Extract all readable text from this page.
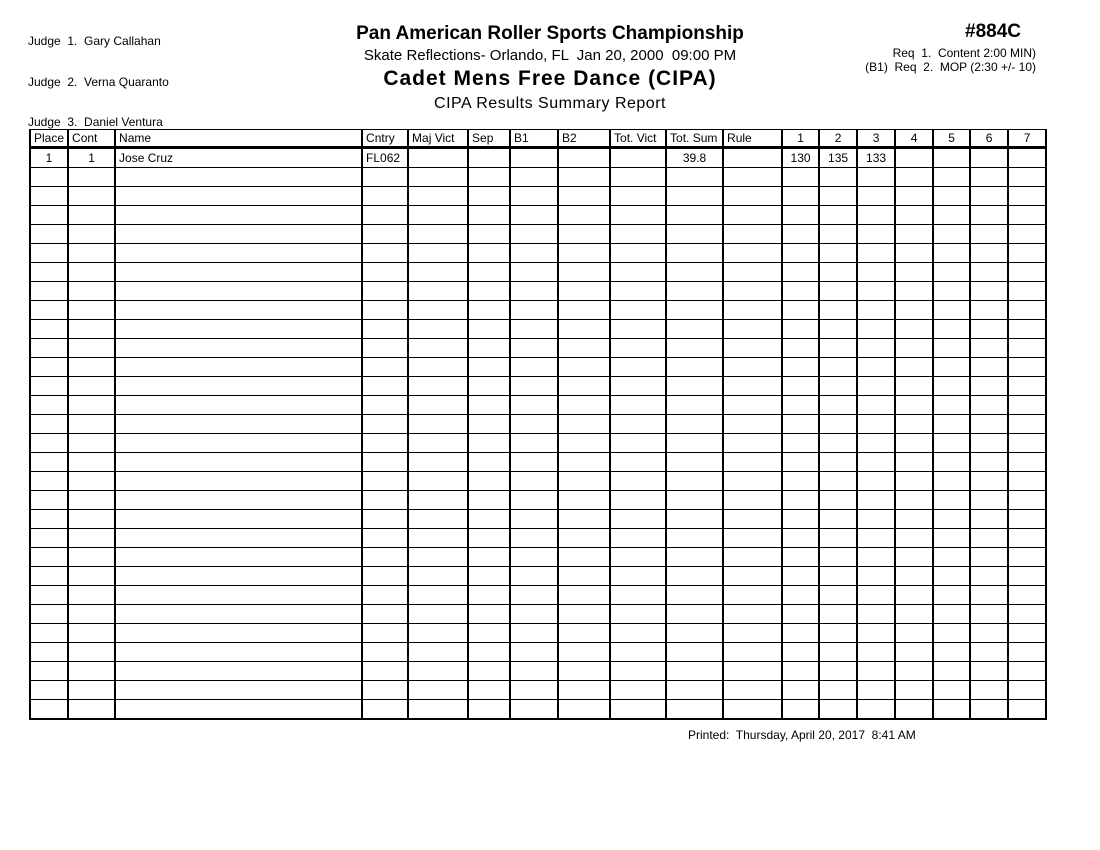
Judge  1.  Gary Callahan

Judge  2.  Verna Quaranto

Judge  3.  Daniel Ventura

Pan American Roller Sports Championship
Skate Reflections- Orlando, FL  Jan 20, 2000  09:00 PM
Cadet Mens Free Dance (CIPA)
CIPA Results Summary Report
#884C
Req  1.  Content 2:00 MIN)
(B1)  Req  2.  MOP (2:30 +/- 10)
Place	Cont	Name	Cntry	Maj Vict	Sep	B1	B2	Tot. Vict	Tot. Sum	Rule	1	2	3	4	5	6	7
1	1	Jose Cruz	FL062						39.8		130	135	133				

Printed:  Thursday, April 20, 2017  8:41 AM
